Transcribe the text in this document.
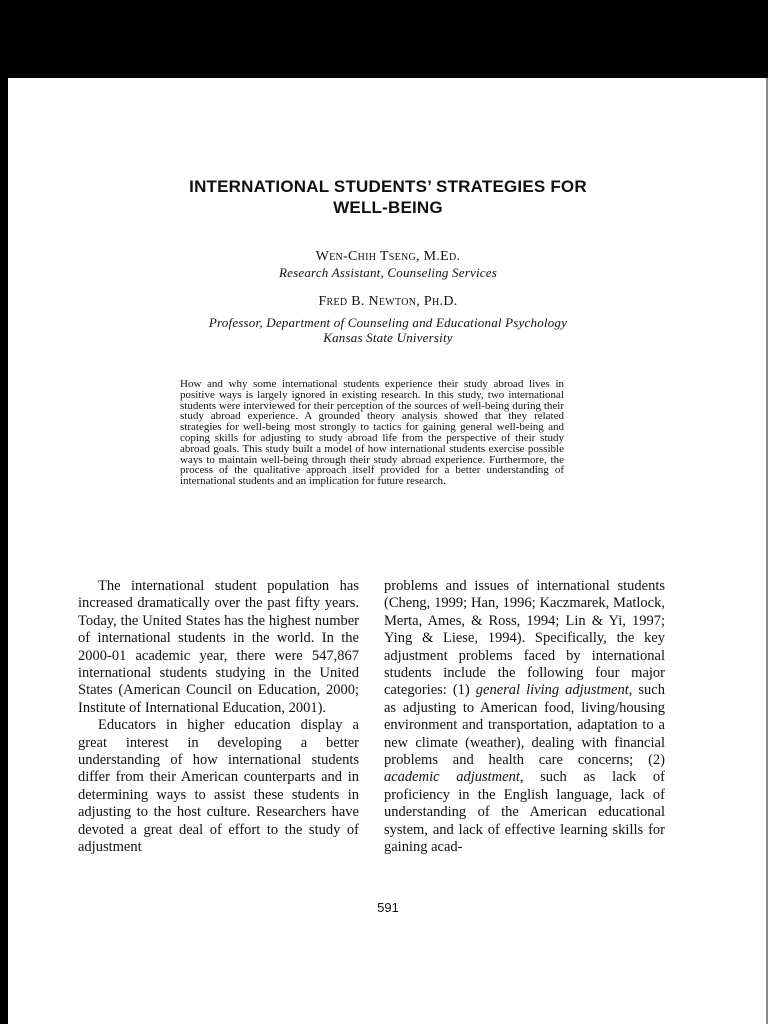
INTERNATIONAL STUDENTS’ STRATEGIES FOR
WELL-BEING
Wen-Chih Tseng, M.Ed.
Research Assistant, Counseling Services
Fred B. Newton, Ph.D.
Professor, Department of Counseling and Educational Psychology
Kansas State University

How and why some international students experience their study abroad lives in positive ways is largely ignored in existing research. In this study, two international students were interviewed for their perception of the sources of well-being during their study abroad experience. A grounded theory analysis showed that they related strategies for well-being most strongly to tactics for gaining general well-being and coping skills for adjusting to study abroad life from the perspective of their study abroad goals. This study built a model of how international students exercise possible ways to maintain well-being through their study abroad experience. Furthermore, the process of the qualitative approach itself provided for a better understanding of international students and an implication for future research.

The international student population has increased dramatically over the past fifty years. Today, the United States has the highest number of international students in the world. In the 2000-01 academic year, there were 547,867 international students studying in the United States (American Council on Education, 2000; Institute of International Education, 2001).

Educators in higher education display a great interest in developing a better understanding of how international students differ from their American counterparts and in determining ways to assist these students in adjusting to the host culture. Researchers have devoted a great deal of effort to the study of adjustment

problems and issues of international students (Cheng, 1999; Han, 1996; Kaczmarek, Matlock, Merta, Ames, & Ross, 1994; Lin & Yi, 1997; Ying & Liese, 1994). Specifically, the key adjustment problems faced by international students include the following four major categories: (1) general living adjustment, such as adjusting to American food, living/housing environment and transportation, adaptation to a new climate (weather), dealing with financial problems and health care concerns; (2) academic adjustment, such as lack of proficiency in the English language, lack of understanding of the American educational system, and lack of effective learning skills for gaining acad-

591
